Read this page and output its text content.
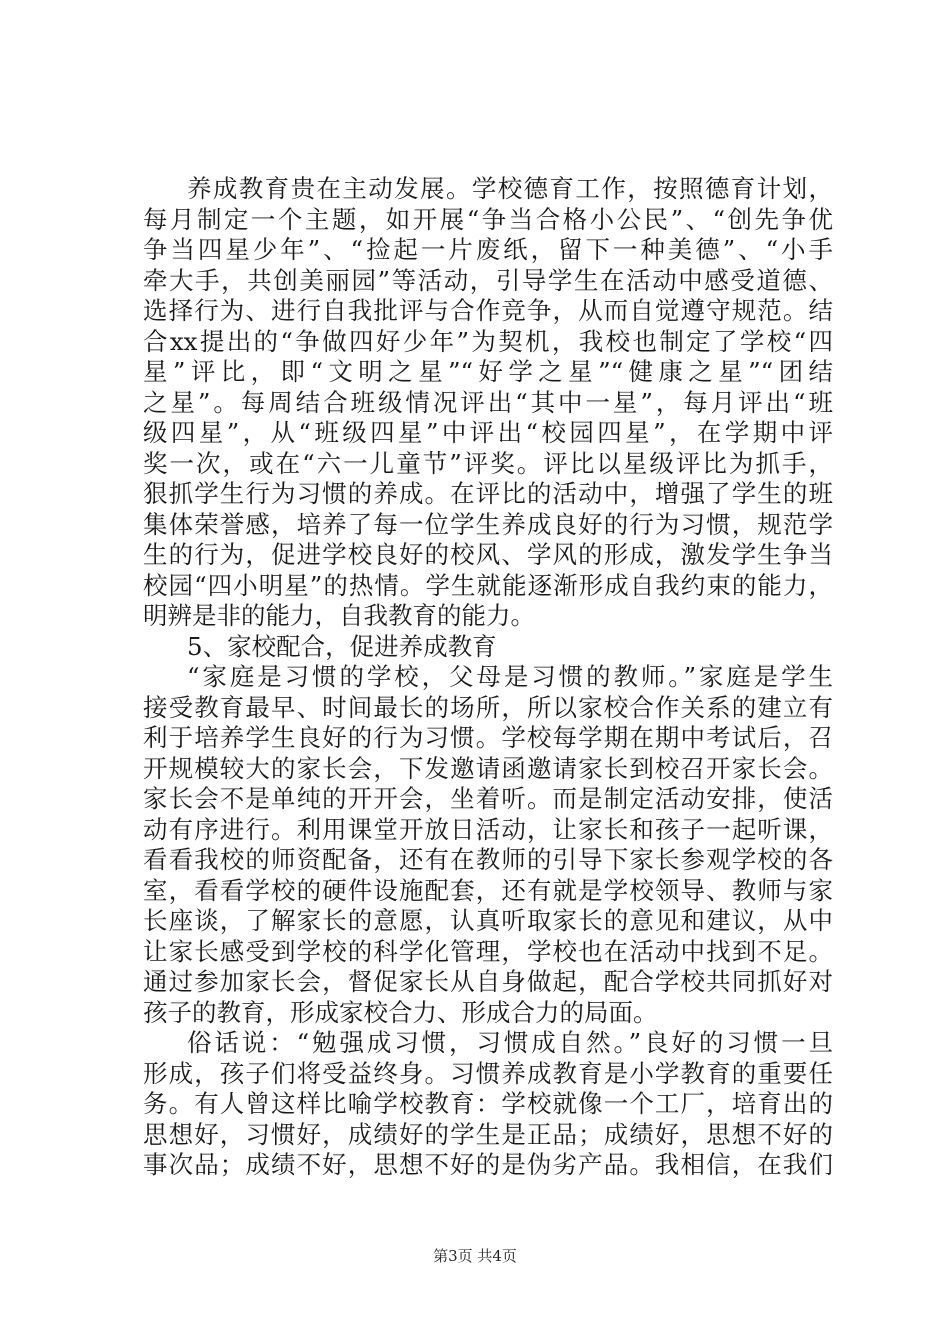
养成教育贵在主动发展。学校德育工作，按照德育计划，
每月制定一个主题，如开展“争当合格小公民”、“创先争优
争当四星少年”、“捡起一片废纸，留下一种美德”、“小手
牵大手，共创美丽园”等活动，引导学生在活动中感受道德、
选择行为、进行自我批评与合作竞争，从而自觉遵守规范。结
合xx提出的“争做四好少年”为契机，我校也制定了学校“四
星”评比，即“文明之星”“好学之星”“健康之星”“团结
之星”。每周结合班级情况评出“其中一星”，每月评出“班
级四星”，从“班级四星”中评出“校园四星”，在学期中评
奖一次，或在“六一儿童节”评奖。评比以星级评比为抓手，
狠抓学生行为习惯的养成。在评比的活动中，增强了学生的班
集体荣誉感，培养了每一位学生养成良好的行为习惯，规范学
生的行为，促进学校良好的校风、学风的形成，激发学生争当
校园“四小明星”的热情。学生就能逐渐形成自我约束的能力，
明辨是非的能力，自我教育的能力。
5、家校配合，促进养成教育
“家庭是习惯的学校，父母是习惯的教师。”家庭是学生
接受教育最早、时间最长的场所，所以家校合作关系的建立有
利于培养学生良好的行为习惯。学校每学期在期中考试后，召
开规模较大的家长会，下发邀请函邀请家长到校召开家长会。
家长会不是单纯的开开会，坐着听。而是制定活动安排，使活
动有序进行。利用课堂开放日活动，让家长和孩子一起听课，
看看我校的师资配备，还有在教师的引导下家长参观学校的各
室，看看学校的硬件设施配套，还有就是学校领导、教师与家
长座谈，了解家长的意愿，认真听取家长的意见和建议，从中
让家长感受到学校的科学化管理，学校也在活动中找到不足。
通过参加家长会，督促家长从自身做起，配合学校共同抓好对
孩子的教育，形成家校合力、形成合力的局面。
俗话说：“勉强成习惯，习惯成自然。”良好的习惯一旦
形成，孩子们将受益终身。习惯养成教育是小学教育的重要任
务。有人曾这样比喻学校教育：学校就像一个工厂，培育出的
思想好，习惯好，成绩好的学生是正品；成绩好，思想不好的
事次品；成绩不好，思想不好的是伪劣产品。我相信，在我们
第3页 共4页
